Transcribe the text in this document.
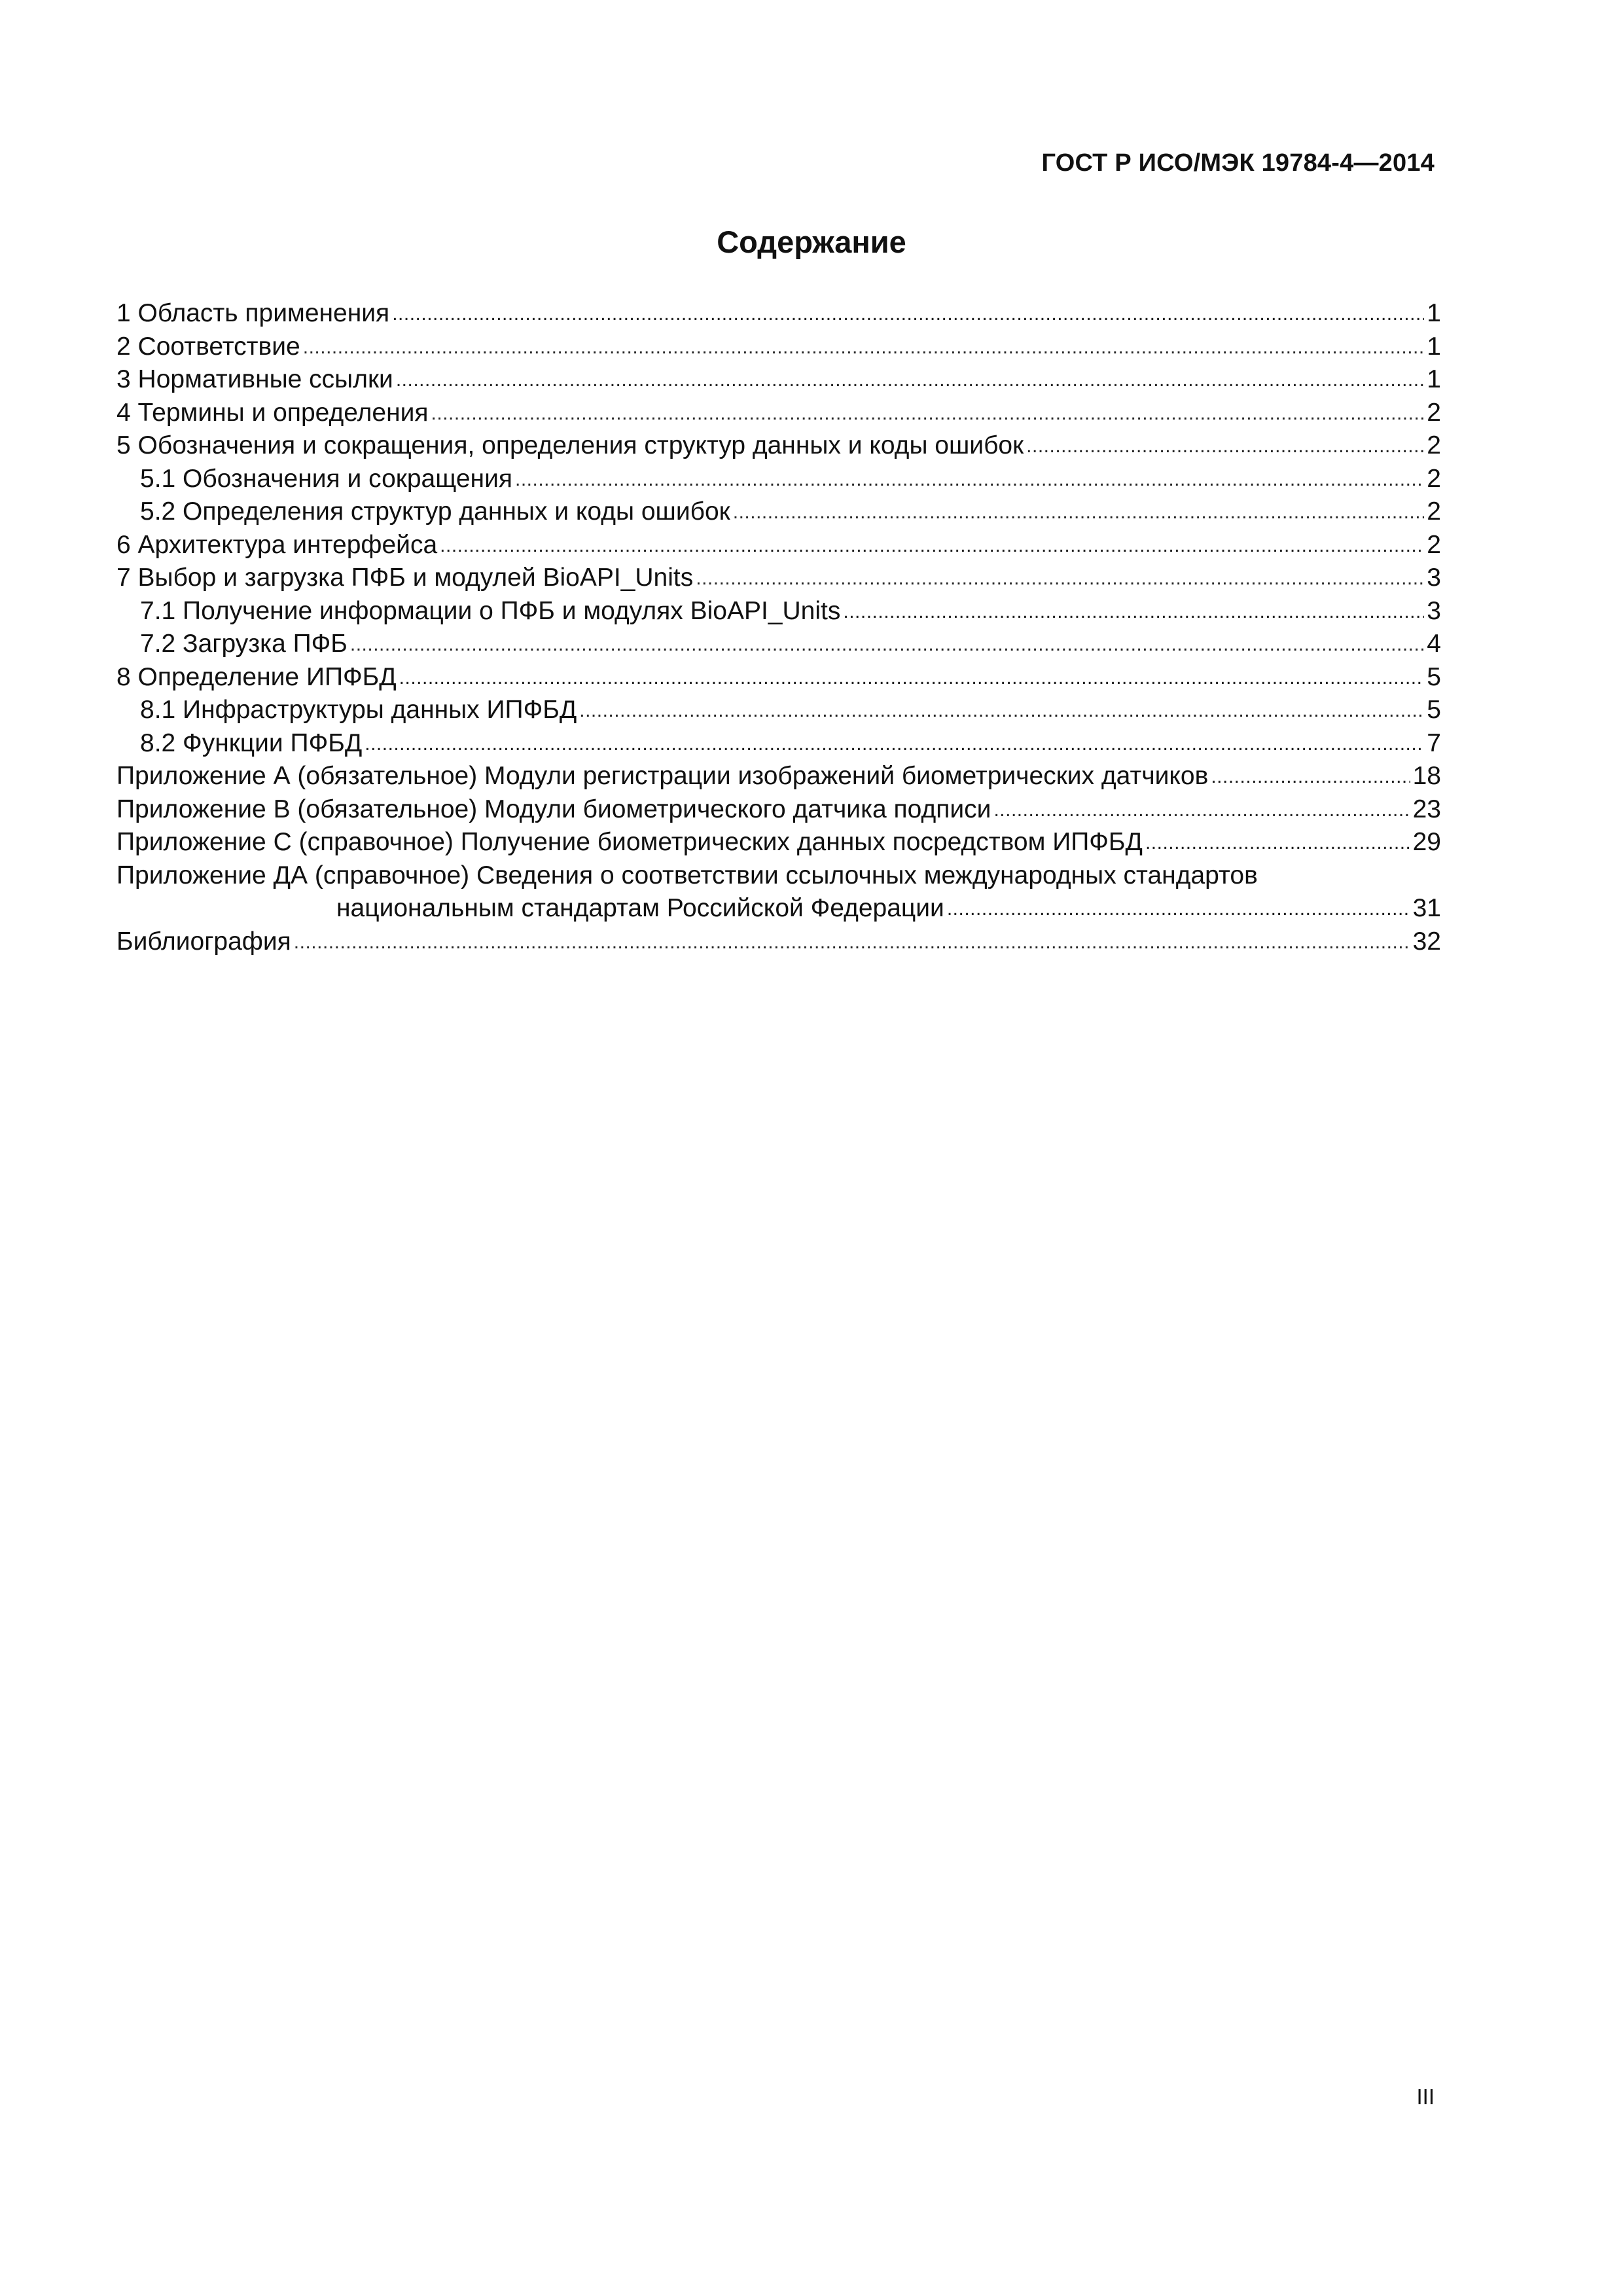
ГОСТ Р ИСО/МЭК 19784-4—2014
Содержание
1 Область применения .....	1
2 Соответствие .....	1
3 Нормативные ссылки .....	1
4 Термины и определения .....	2
5 Обозначения и сокращения, определения структур данных и коды ошибок .....	2
5.1 Обозначения и сокращения .....	2
5.2 Определения структур данных и коды ошибок .....	2
6 Архитектура интерфейса .....	2
7 Выбор и загрузка ПФБ и модулей BioAPI_Units .....	3
7.1 Получение информации о ПФБ и модулях BioAPI_Units .....	3
7.2 Загрузка ПФБ .....	4
8 Определение ИПФБД .....	5
8.1 Инфраструктуры данных ИПФБД .....	5
8.2 Функции ПФБД .....	7
Приложение А (обязательное) Модули регистрации изображений биометрических датчиков .....	18
Приложение В (обязательное) Модули биометрического датчика подписи .....	23
Приложение С (справочное) Получение биометрических данных посредством ИПФБД .....	29
Приложение ДА (справочное) Сведения о соответствии ссылочных международных стандартов
национальным стандартам Российской Федерации .....	31
Библиография .....	32
III
